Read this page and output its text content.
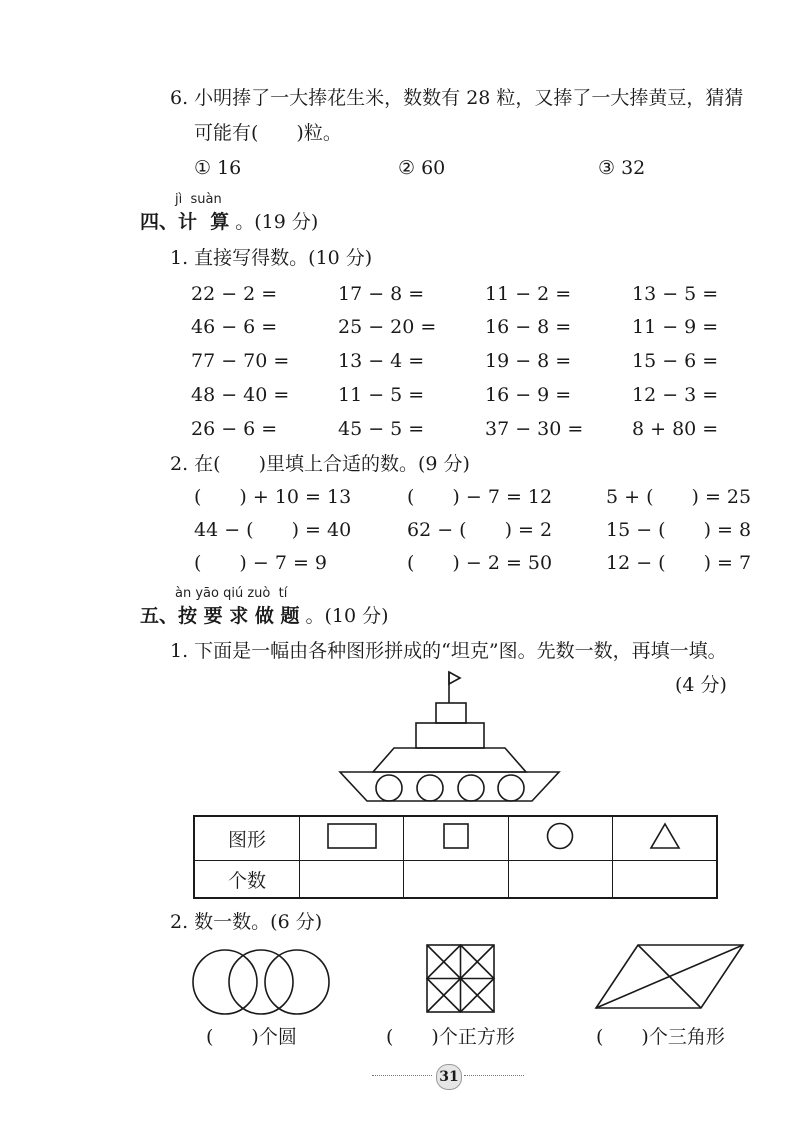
6. 小明捧了一大捧花生米，数数有 28 粒，又捧了一大捧黄豆，猜猜
可能有(　　)粒。
① 16	② 60	③ 32
jì  suàn
四、计  算 。(19 分)
1. 直接写得数。(10 分)
22 − 2 =	17 − 8 =	11 − 2 =	13 − 5 =
46 − 6 =	25 − 20 =	16 − 8 =	11 − 9 =
77 − 70 =	13 − 4 =	19 − 8 =	15 − 6 =
48 − 40 =	11 − 5 =	16 − 9 =	12 − 3 =
26 − 6 =	45 − 5 =	37 − 30 =	8 + 80 =
2. 在(　　)里填上合适的数。(9 分)
(　　) + 10 = 13	(　　) − 7 = 12	5 + (　　) = 25
44 − (　　) = 40	62 − (　　) = 2	15 − (　　) = 8
(　　) − 7 = 9	(　　) − 2 = 50	12 − (　　) = 7
àn yāo qiú zuò  tí
五、按 要 求 做 题 。(10 分)
1. 下面是一幅由各种图形拼成的“坦克”图。先数一数，再填一填。
(4 分)
图形				
个数				
2. 数一数。(6 分)
(　　)个圆	(　　)个正方形	(　　)个三角形
31
